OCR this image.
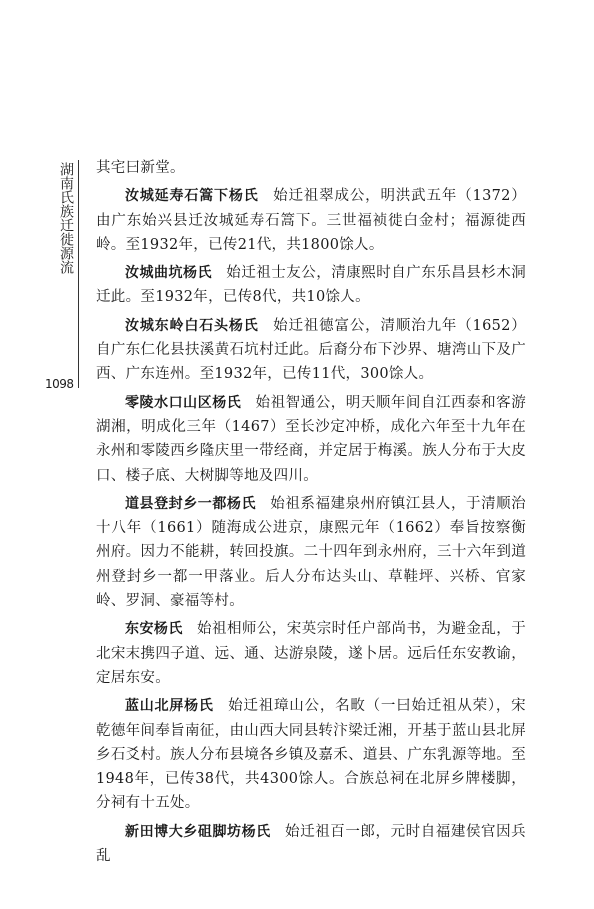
湖南氏族迁徙源流
1098

其宅曰新堂。

汝城延寿石篙下杨氏 始迁祖翠成公，明洪武五年（1372）由广东始兴县迁汝城延寿石篙下。三世福祯徙白金村；福源徙西岭。至1932年，已传21代，共1800馀人。

汝城曲坑杨氏 始迁祖士友公，清康熙时自广东乐昌县杉木洞迁此。至1932年，已传8代，共10馀人。

汝城东岭白石头杨氏 始迁祖德富公，清顺治九年（1652）自广东仁化县扶溪黄石坑村迁此。后裔分布下沙界、塘湾山下及广西、广东连州。至1932年，已传11代，300馀人。

零陵水口山区杨氏 始祖智通公，明天顺年间自江西泰和客游湖湘，明成化三年（1467）至长沙定冲桥，成化六年至十九年在永州和零陵西乡隆庆里一带经商，并定居于梅溪。族人分布于大皮口、楼子底、大树脚等地及四川。

道县登封乡一都杨氏 始祖系福建泉州府镇江县人，于清顺治十八年（1661）随海成公进京，康熙元年（1662）奉旨按察衡州府。因力不能耕，转回投旗。二十四年到永州府，三十六年到道州登封乡一都一甲落业。后人分布达头山、草鞋坪、兴桥、官家岭、罗洞、豪福等村。

东安杨氏 始祖相师公，宋英宗时任户部尚书，为避金乱，于北宋末携四子道、远、通、达游泉陵，遂卜居。远后任东安教谕，定居东安。

蓝山北屏杨氏 始迁祖璋山公，名畋（一曰始迁祖从荣），宋乾德年间奉旨南征，由山西大同县转汴梁迁湘，开基于蓝山县北屏乡石爻村。族人分布县境各乡镇及嘉禾、道县、广东乳源等地。至1948年，已传38代，共4300馀人。合族总祠在北屏乡牌楼脚，分祠有十五处。

新田博大乡砠脚坊杨氏 始迁祖百一郎，元时自福建侯官因兵乱
